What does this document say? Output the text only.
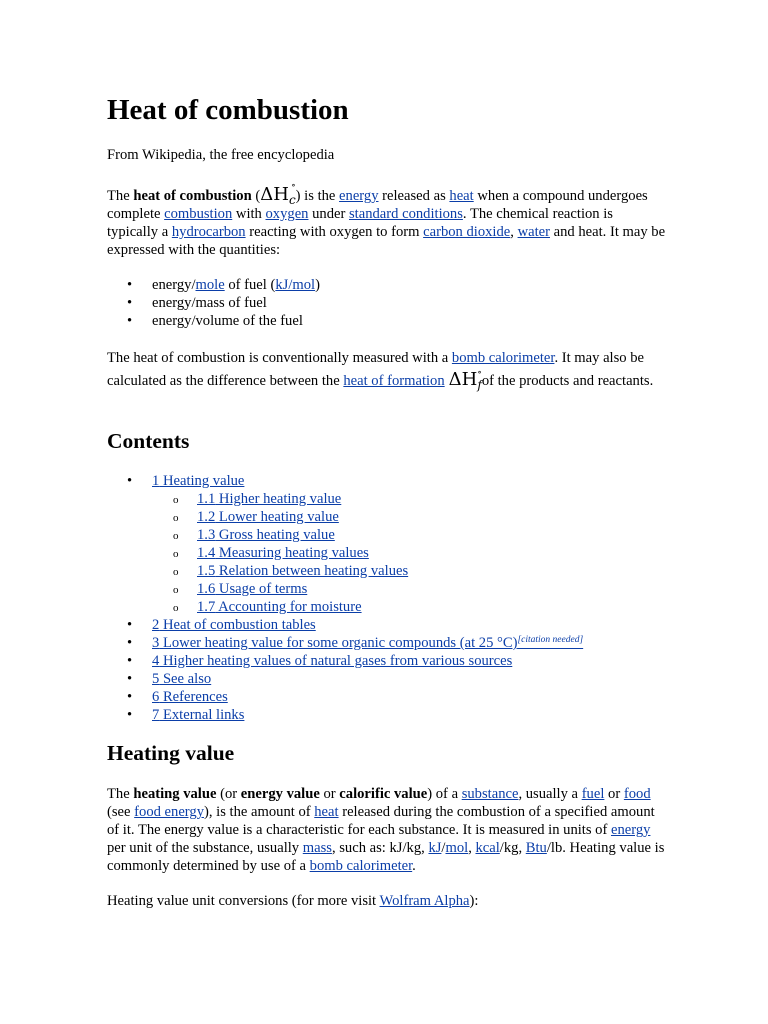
Heat of combustion

From Wikipedia, the free encyclopedia

The heat of combustion ($\Delta H_c$
∘
) is the energy released as heat when a compound undergoes complete combustion with oxygen under standard conditions. The chemical reaction is typically a hydrocarbon reacting with oxygen to form carbon dioxide, water and heat. It may be expressed with the quantities:

• energy/mole of fuel (kJ/mol)
• energy/mass of fuel
• energy/volume of the fuel

The heat of combustion is conventionally measured with a bomb calorimeter. It may also be calculated as the difference between the heat of formation $\Delta H_f$
∘ of the products and reactants.

Contents
• 1 Heating value
o 1.1 Higher heating value
o 1.2 Lower heating value
o 1.3 Gross heating value
o 1.4 Measuring heating values
o 1.5 Relation between heating values
o 1.6 Usage of terms
o 1.7 Accounting for moisture
• 2 Heat of combustion tables
• 3 Lower heating value for some organic compounds (at 25 °C)[citation needed]
• 4 Higher heating values of natural gases from various sources
• 5 See also
• 6 References
• 7 External links
Heating value

The heating value (or energy value or calorific value) of a substance, usually a fuel or food (see food energy), is the amount of heat released during the combustion of a specified amount of it. The energy value is a characteristic for each substance. It is measured in units of energy per unit of the substance, usually mass, such as: kJ/kg, kJ/mol, kcal/kg, Btu/lb. Heating value is commonly determined by use of a bomb calorimeter.

Heating value unit conversions (for more visit Wolfram Alpha):
